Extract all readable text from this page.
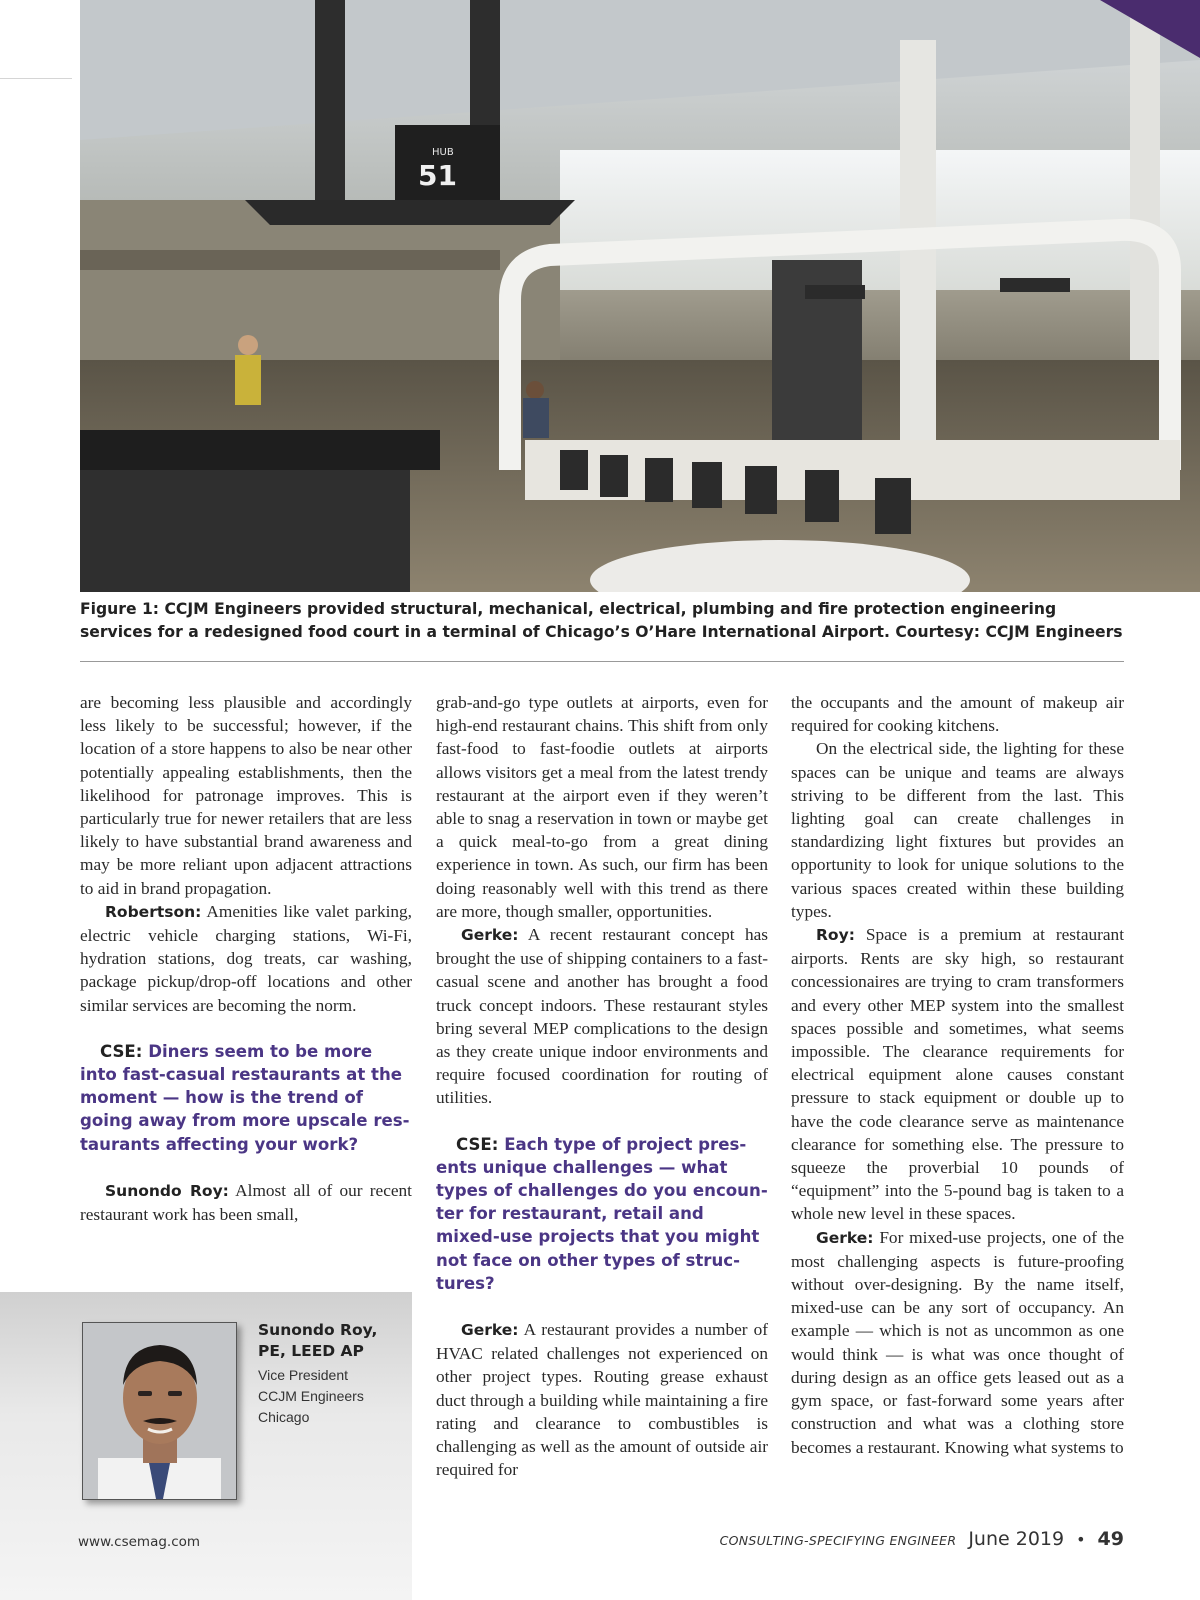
HUB
51
Figure 1: CCJM Engineers provided structural, mechanical, electrical, plumbing and fire protection engineering services for a redesigned food court in a terminal of Chicago’s O’Hare International Airport. Courtesy: CCJM Engineers

are becoming less plausible and accordingly less likely to be successful; however, if the location of a store happens to also be near other potentially appealing establishments, then the likelihood for patronage improves. This is particularly true for newer retailers that are less likely to have substantial brand awareness and may be more reliant upon adjacent attractions to aid in brand propagation.

Robertson: Amenities like valet parking, electric vehicle charging stations, Wi-Fi, hydration stations, dog treats, car washing, package pickup/drop-off locations and other similar services are becoming the norm.

CSE: Diners seem to be more into fast-casual restaurants at the moment — how is the trend of going away from more upscale restaurants affecting your work?

Sunondo Roy: Almost all of our recent restaurant work has been small,

grab-and-go type outlets at airports, even for high-end restaurant chains. This shift from only fast-food to fast-foodie outlets at airports allows visitors get a meal from the latest trendy restaurant at the airport even if they weren’t able to snag a reservation in town or maybe get a quick meal-to-go from a great dining experience in town. As such, our firm has been doing reasonably well with this trend as there are more, though smaller, opportunities.

Gerke: A recent restaurant concept has brought the use of shipping containers to a fast-casual scene and another has brought a food truck concept indoors. These restaurant styles bring several MEP complications to the design as they create unique indoor environments and require focused coordination for routing of utilities.

CSE: Each type of project presents unique challenges — what types of challenges do you encounter for restaurant, retail and mixed-use projects that you might not face on other types of structures?

Gerke: A restaurant provides a number of HVAC related challenges not experienced on other project types. Routing grease exhaust duct through a building while maintaining a fire rating and clearance to combustibles is challenging as well as the amount of outside air required for

the occupants and the amount of makeup air required for cooking kitchens.

On the electrical side, the lighting for these spaces can be unique and teams are always striving to be different from the last. This lighting goal can create challenges in standardizing light fixtures but provides an opportunity to look for unique solutions to the various spaces created within these building types.

Roy: Space is a premium at restaurant airports. Rents are sky high, so restaurant concessionaires are trying to cram transformers and every other MEP system into the smallest spaces possible and sometimes, what seems impossible. The clearance requirements for electrical equipment alone causes constant pressure to stack equipment or double up to have the code clearance serve as maintenance clearance for something else. The pressure to squeeze the proverbial 10 pounds of “equipment” into the 5-pound bag is taken to a whole new level in these spaces.

Gerke: For mixed-use projects, one of the most challenging aspects is future-proofing without over-designing. By the name itself, mixed-use can be any sort of occupancy. An example — which is not as uncommon as one would think — is what was once thought of during design as an office gets leased out as a gym space, or fast-forward some years after construction and what was a clothing store becomes a restaurant. Knowing what systems to

Sunondo Roy,
PE, LEED AP
Vice President
CCJM Engineers
Chicago
www.csemag.com	CONSULTING-SPECIFYING ENGINEER June 2019 • 49
